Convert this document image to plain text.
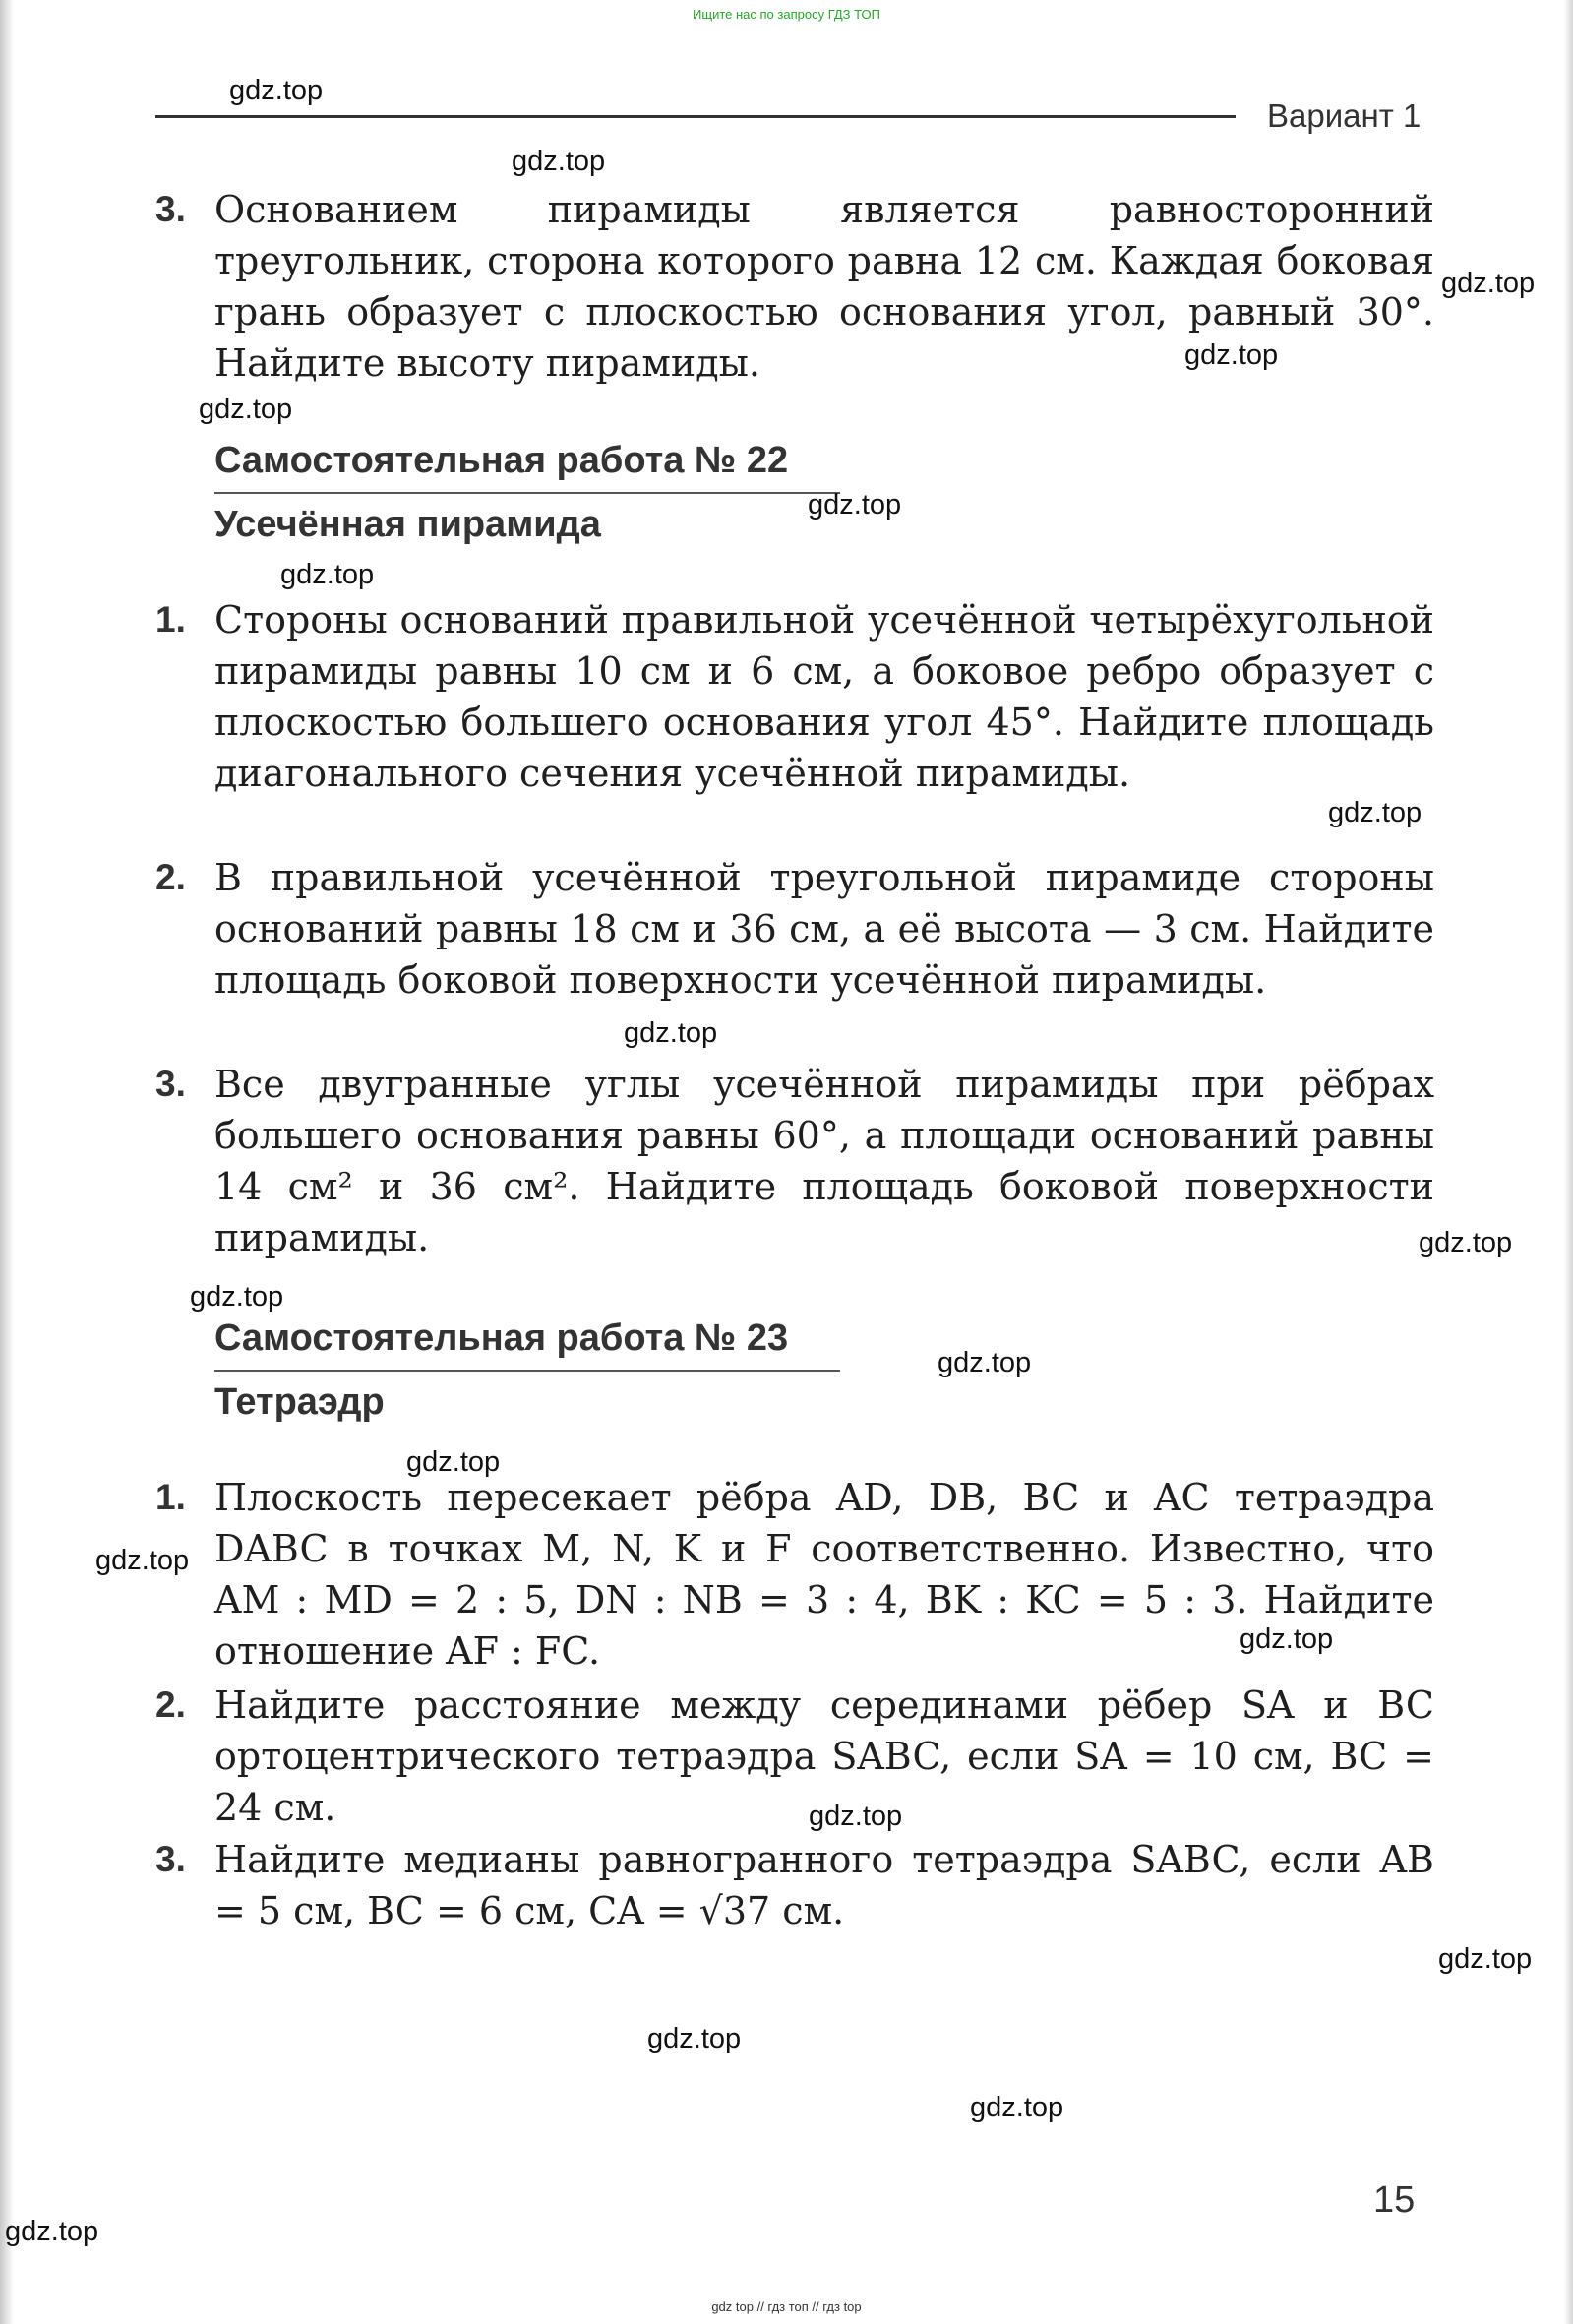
Ищите нас по запросу ГДЗ ТОП
Вариант 1
3. Основанием пирамиды является равносторонний треугольник, сторона которого равна 12 см. Каждая боковая грань образует с плоскостью основания угол, равный 30°. Найдите высоту пирамиды.
Самостоятельная работа № 22
Усечённая пирамида
1. Стороны оснований правильной усечённой четырёхугольной пирамиды равны 10 см и 6 см, а боковое ребро образует с плоскостью большего основания угол 45°. Найдите площадь диагонального сечения усечённой пирамиды.
2. В правильной усечённой треугольной пирамиде стороны оснований равны 18 см и 36 см, а её высота — 3 см. Найдите площадь боковой поверхности усечённой пирамиды.
3. Все двугранные углы усечённой пирамиды при рёбрах большего основания равны 60°, а площади оснований равны 14 см² и 36 см². Найдите площадь боковой поверхности пирамиды.
Самостоятельная работа № 23
Тетраэдр
1. Плоскость пересекает рёбра AD, DB, BC и AC тетраэдра DABC в точках M, N, K и F соответственно. Известно, что AM : MD = 2 : 5, DN : NB = 3 : 4, BK : KC = 5 : 3. Найдите отношение AF : FC.
2. Найдите расстояние между серединами рёбер SA и BC ортоцентрического тетраэдра SABC, если SA = 10 см, BC = 24 см.
3. Найдите медианы равногранного тетраэдра SABC, если AB = 5 см, BC = 6 см, CA = √37 см.
gdz.top
gdz.top
gdz.top
gdz.top
gdz.top
gdz.top
gdz.top
gdz.top
gdz.top
gdz.top
gdz.top
gdz.top
gdz.top
gdz.top
gdz.top
gdz.top
gdz.top
gdz.top
gdz.top
gdz.top
15
gdz top // гдз топ // гдз top
